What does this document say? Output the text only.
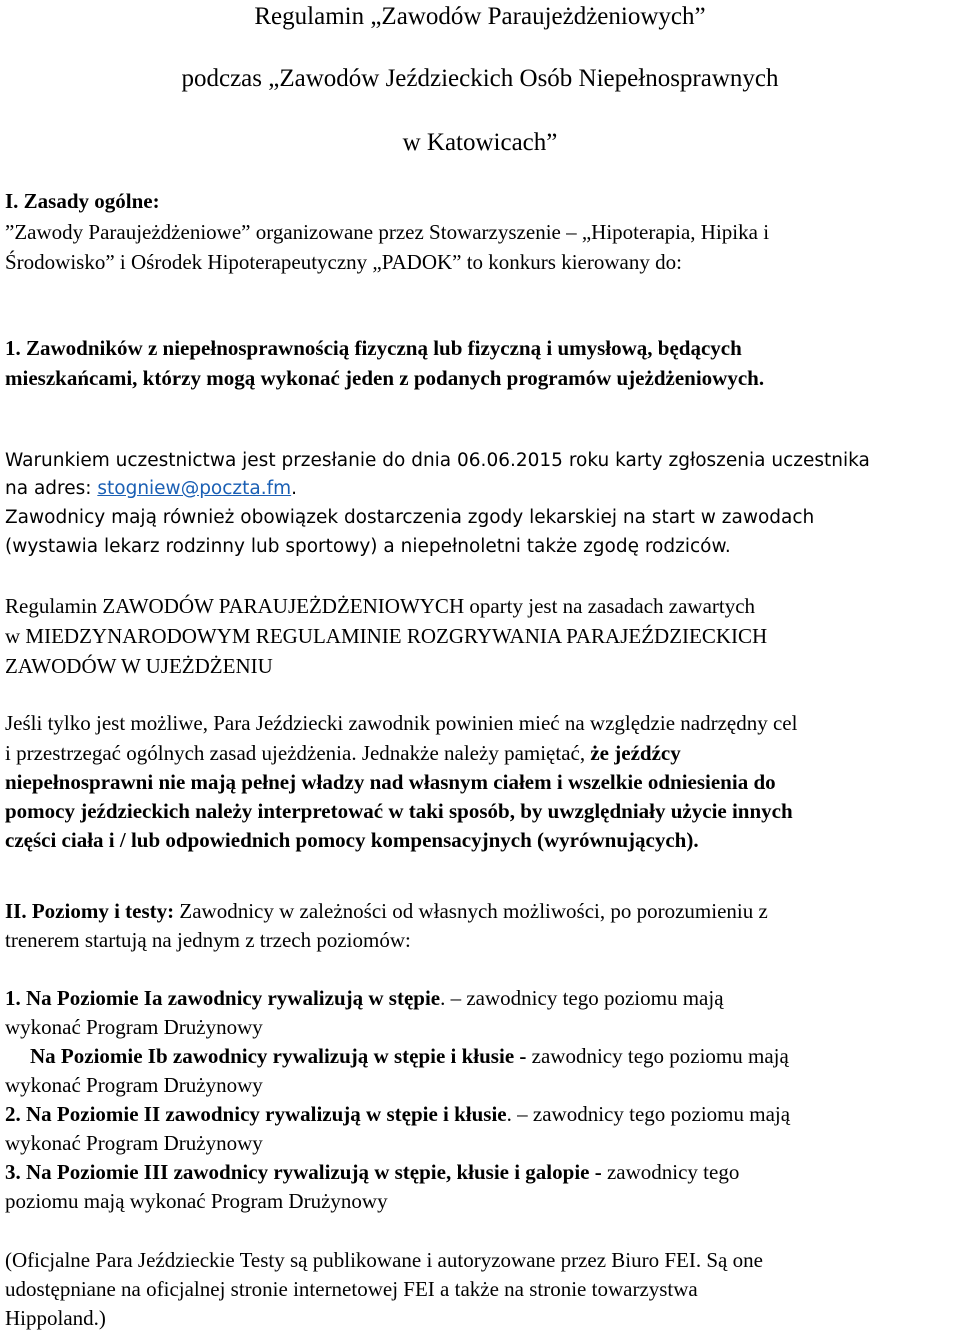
Regulamin „Zawodów Paraujeżdżeniowych”
podczas „Zawodów Jeździeckich Osób Niepełnosprawnych
w Katowicach”
I. Zasady ogólne:
”Zawody Paraujeżdżeniowe” organizowane przez Stowarzyszenie – „Hipoterapia, Hipika i
Środowisko” i Ośrodek Hipoterapeutyczny „PADOK” to konkurs kierowany do:
1. Zawodników z niepełnosprawnością fizyczną lub fizyczną i umysłową, będących
mieszkańcami, którzy mogą wykonać jeden z podanych programów ujeżdżeniowych.
Warunkiem uczestnictwa jest przesłanie do dnia 06.06.2015 roku karty zgłoszenia uczestnika
na adres: stogniew@poczta.fm.
Zawodnicy mają również obowiązek dostarczenia zgody lekarskiej na start w zawodach
(wystawia lekarz rodzinny lub sportowy) a niepełnoletni także zgodę rodziców.
Regulamin ZAWODÓW PARAUJEŻDŻENIOWYCH oparty jest na zasadach zawartych
w MIEDZYNARODOWYM REGULAMINIE ROZGRYWANIA PARAJEŹDZIECKICH
ZAWODÓW W UJEŻDŻENIU
Jeśli tylko jest możliwe, Para Jeździecki zawodnik powinien mieć na względzie nadrzędny cel
i przestrzegać ogólnych zasad ujeżdżenia. Jednakże należy pamiętać, że jeźdźcy
niepełnosprawni nie mają pełnej władzy nad własnym ciałem i wszelkie odniesienia do
pomocy jeździeckich należy interpretować w taki sposób, by uwzględniały użycie innych
części ciała i / lub odpowiednich pomocy kompensacyjnych (wyrównujących).
II. Poziomy i testy: Zawodnicy w zależności od własnych możliwości, po porozumieniu z
trenerem startują na jednym z trzech poziomów:
1. Na Poziomie Ia zawodnicy rywalizują w stępie. – zawodnicy tego poziomu mają
wykonać Program Drużynowy
Na Poziomie Ib zawodnicy rywalizują w stępie i kłusie - zawodnicy tego poziomu mają
wykonać Program Drużynowy
2. Na Poziomie II zawodnicy rywalizują w stępie i kłusie. – zawodnicy tego poziomu mają
wykonać Program Drużynowy
3. Na Poziomie III zawodnicy rywalizują w stępie, kłusie i galopie - zawodnicy tego
poziomu mają wykonać Program Drużynowy
(Oficjalne Para Jeździeckie Testy są publikowane i autoryzowane przez Biuro FEI. Są one
udostępniane na oficjalnej stronie internetowej FEI a także na stronie towarzystwa
Hippoland.)
